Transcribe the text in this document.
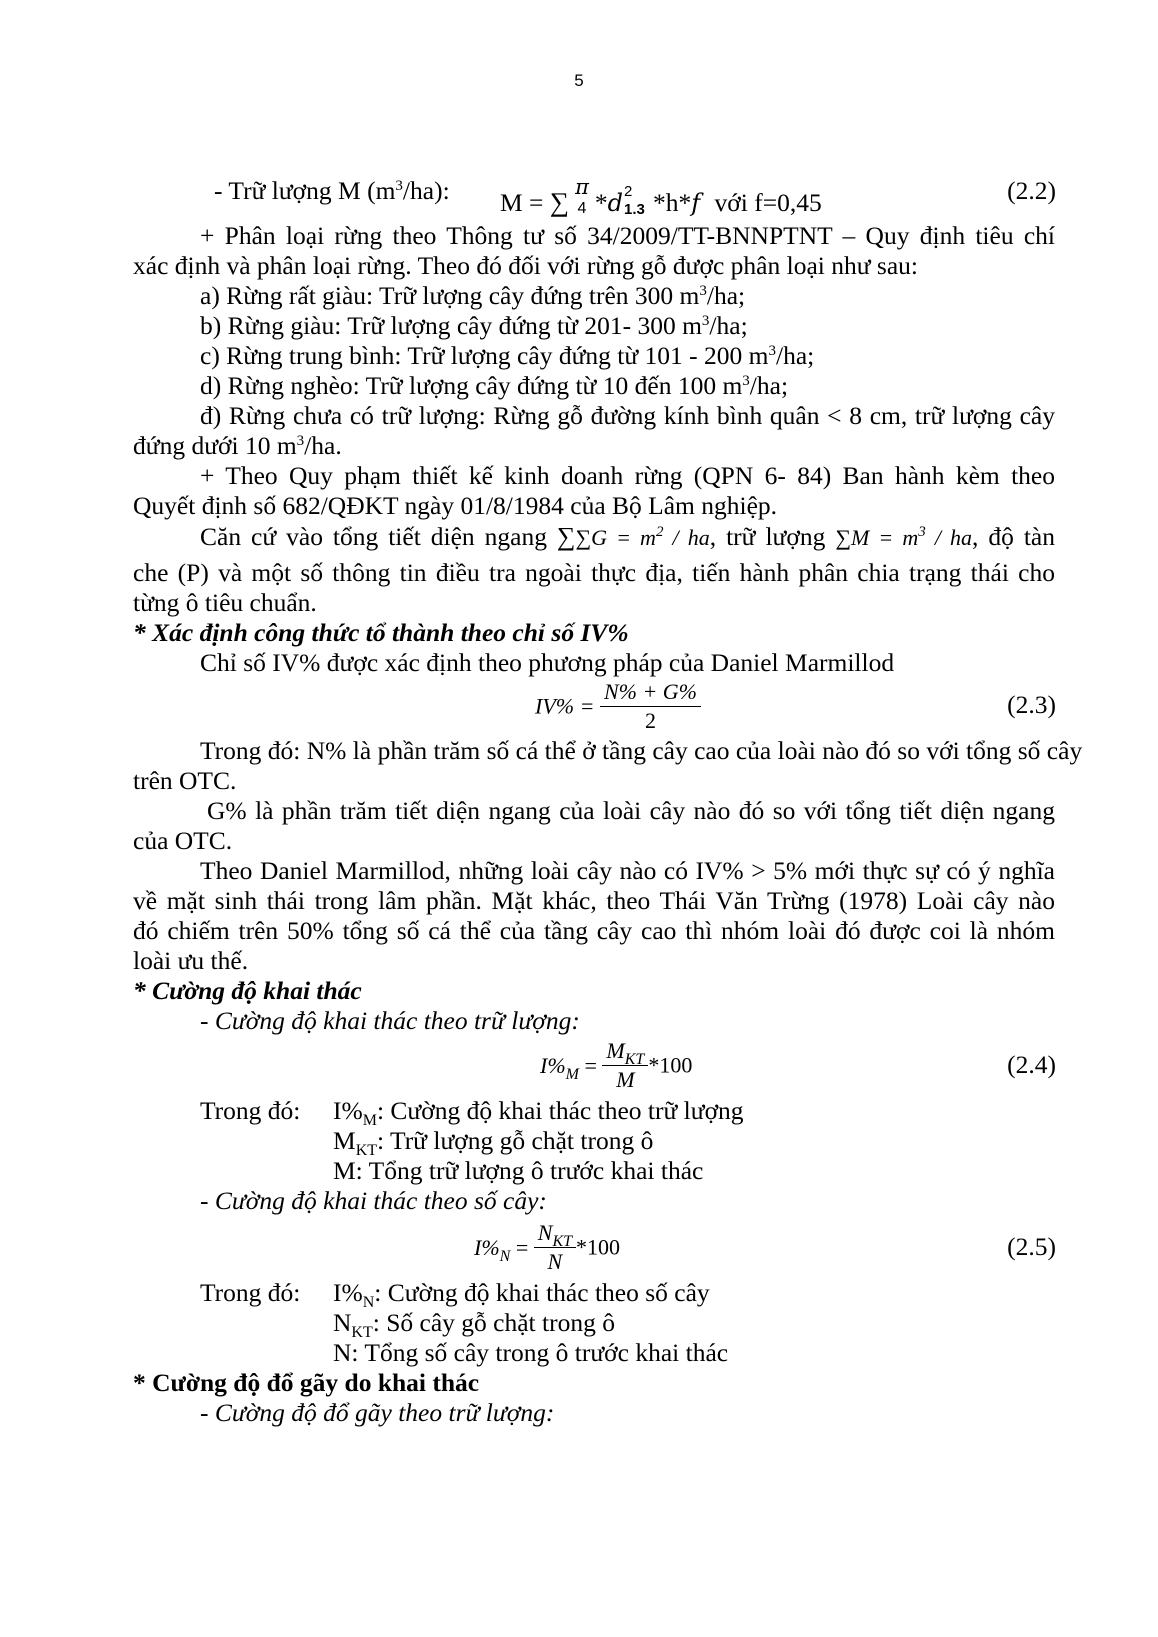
5
- Trữ lượng M $(m^3/ha)$: M = ∑ π
4 *d 2
1.3 *h*f với f=0,45	(2.2)
+ Phân loại rừng theo Thông tư số 34/2009/TT-BNNPTNT – Quy định tiêu chí
xác định và phân loại rừng. Theo đó đối với rừng gỗ được phân loại như sau:
a) Rừng rất giàu: Trữ lượng cây đứng trên 300 $m^3/ha$;
b) Rừng giàu: Trữ lượng cây đứng từ 201- 300 $m^3/ha$;
c) Rừng trung bình: Trữ lượng cây đứng từ 101 - 200 $m^3/ha$;
d) Rừng nghèo: Trữ lượng cây đứng từ 10 đến 100 $m^3/ha$;
đ) Rừng chưa có trữ lượng: Rừng gỗ đường kính bình quân < 8 cm, trữ lượng cây
đứng dưới 10 $m^3/ha$.
+ Theo Quy phạm thiết kế kinh doanh rừng (QPN 6- 84) Ban hành kèm theo
Quyết định số 682/QĐKT ngày 01/8/1984 của Bộ Lâm nghiệp.
Căn cứ vào tổng tiết diện ngang $\sum\sum G = m^2$ / ha, trữ lượng $\sum M = m^3$ / ha, độ tàn
che (P) và một số thông tin điều tra ngoài thực địa, tiến hành phân chia trạng thái cho
từng ô tiêu chuẩn.
* Xác định công thức tổ thành theo chỉ số IV%
Chỉ số IV% được xác định theo phương pháp của Daniel Marmillod
$IV\% = \frac{N\% + G\%}{2}$	(2.3)
Trong đó: N% là phần trăm số cá thể ở tầng cây cao của loài nào đó so với tổng số cây
trên OTC.
G% là phần trăm tiết diện ngang của loài cây nào đó so với tổng tiết diện ngang
của OTC.
Theo Daniel Marmillod, những loài cây nào có IV% > 5% mới thực sự có ý nghĩa
về mặt sinh thái trong lâm phần. Mặt khác, theo Thái Văn Trừng (1978) Loài cây nào
đó chiếm trên 50% tổng số cá thể của tầng cây cao thì nhóm loài đó được coi là nhóm
loài ưu thế.
* Cường độ khai thác
- Cường độ khai thác theo trữ lượng:
$I\%_M = \frac{M_{KT}}{M} *100$	(2.4)
Trong đó: $I\%_M$: Cường độ khai thác theo trữ lượng
$M_{KT}$: Trữ lượng gỗ chặt trong ô
M: Tổng trữ lượng ô trước khai thác
- Cường độ khai thác theo số cây:
$I\%_N = \frac{N_{KT}}{N} *100$	(2.5)
Trong đó: $I\%_N$: Cường độ khai thác theo số cây
$N_{KT}$: Số cây gỗ chặt trong ô
N: Tổng số cây trong ô trước khai thác
* Cường độ đổ gãy do khai thác
- Cường độ đổ gãy theo trữ lượng:
